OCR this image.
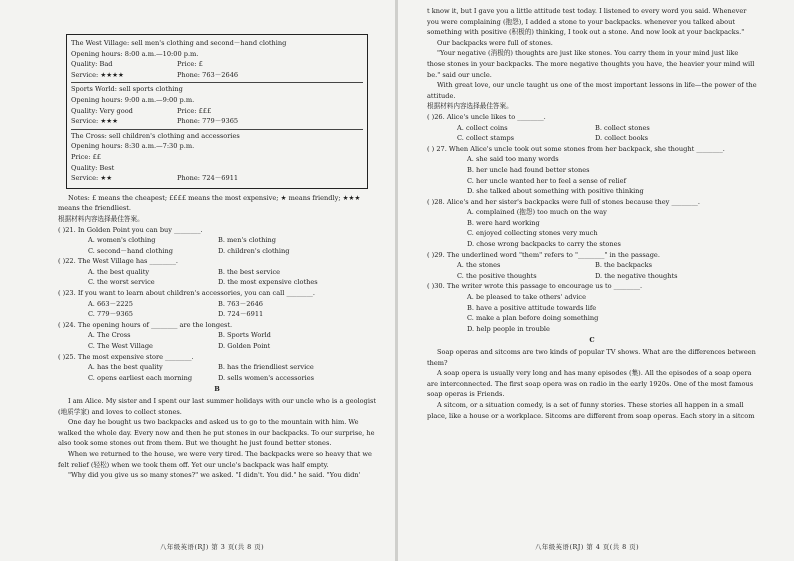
The West Village: sell men's clothing and second－hand clothing
Opening hours: 8:00 a.m.—10:00 p.m.
Quality: Bad	Price: £
Service: ★★★★	Phone: 763－2646
Sports World: sell sports clothing
Opening hours: 9:00 a.m.—9:00 p.m.
Quality: Very good	Price: £££
Service: ★★★	Phone: 779－9365
The Cross: sell children's clothing and accessories
Opening hours: 8:30 a.m.—7:30 p.m.
Price: ££
Quality: Best
Service: ★★	Phone: 724－6911

Notes: £ means the cheapest; ££££ means the most expensive; ★ means friendly; ★★★ means the friendliest.

根据材料内容选择最佳答案。

( )21. In Golden Point you can buy ________.
A. women's clothing	B. men's clothing
C. second－hand clothing	D. children's clothing
( )22. The West Village has ________.
A. the best quality	B. the best service
C. the worst service	D. the most expensive clothes
( )23. If you want to learn about children's accessories, you can call ________.
A. 663－2225	B. 763－2646
C. 779－9365	D. 724－6911
( )24. The opening hours of ________ are the longest.
A. The Cross	B. Sports World
C. The West Village	D. Golden Point
( )25. The most expensive store ________.
A. has the best quality	B. has the friendliest service
C. opens earliest each morning	D. sells women's accessories
B

I am Alice. My sister and I spent our last summer holidays with our uncle who is a geologist (地质学家) and loves to collect stones.

One day he bought us two backpacks and asked us to go to the mountain with him. We walked the whole day. Every now and then he put stones in our backpacks. To our surprise, he also took some stones out from them. But we thought he just found better stones.

When we returned to the house, we were very tired. The backpacks were so heavy that we felt relief (轻松) when we took them off. Yet our uncle's backpack was half empty.

"Why did you give us so many stones?" we asked. "I didn't. You did." he said. "You didn'

八年级英语(RJ) 第 3 页(共 8 页)

t know it, but I gave you a little attitude test today. I listened to every word you said. Whenever you were complaining (抱怨), I added a stone to your backpacks. whenever you talked about something with positive (积极的) thinking, I took out a stone. And now look at your backpacks."

Our backpacks were full of stones.

"Your negative (消极的) thoughts are just like stones. You carry them in your mind just like those stones in your backpacks. The more negative thoughts you have, the heavier your mind will be." said our uncle.

With great love, our uncle taught us one of the most important lessons in life—the power of the attitude.

根据材料内容选择最佳答案。

( )26. Alice's uncle likes to ________.
A. collect coins	B. collect stones
C. collect stamps	D. collect books
( ) 27. When Alice's uncle took out some stones from her backpack, she thought ________.
A. she said too many words
B. her uncle had found better stones
C. her uncle wanted her to feel a sense of relief
D. she talked about something with positive thinking
( )28. Alice's and her sister's backpacks were full of stones because they ________.
A. complained (抱怨) too much on the way
B. were hard working
C. enjoyed collecting stones very much
D. chose wrong backpacks to carry the stones
( )29. The underlined word "them" refers to "________" in the passage.
A. the stones	B. the backpacks
C. the positive thoughts	D. the negative thoughts
( )30. The writer wrote this passage to encourage us to ________.
A. be pleased to take others' advice
B. have a positive attitude towards life
C. make a plan before doing something
D. help people in trouble
C

Soap operas and sitcoms are two kinds of popular TV shows. What are the differences between them?

A soap opera is usually very long and has many episodes (集). All the episodes of a soap opera are interconnected. The first soap opera was on radio in the early 1920s. One of the most famous soap operas is Friends.

A sitcom, or a situation comedy, is a set of funny stories. These stories all happen in a small place, like a house or a workplace. Sitcoms are different from soap operas. Each story in a sitcom

八年级英语(RJ) 第 4 页(共 8 页)
